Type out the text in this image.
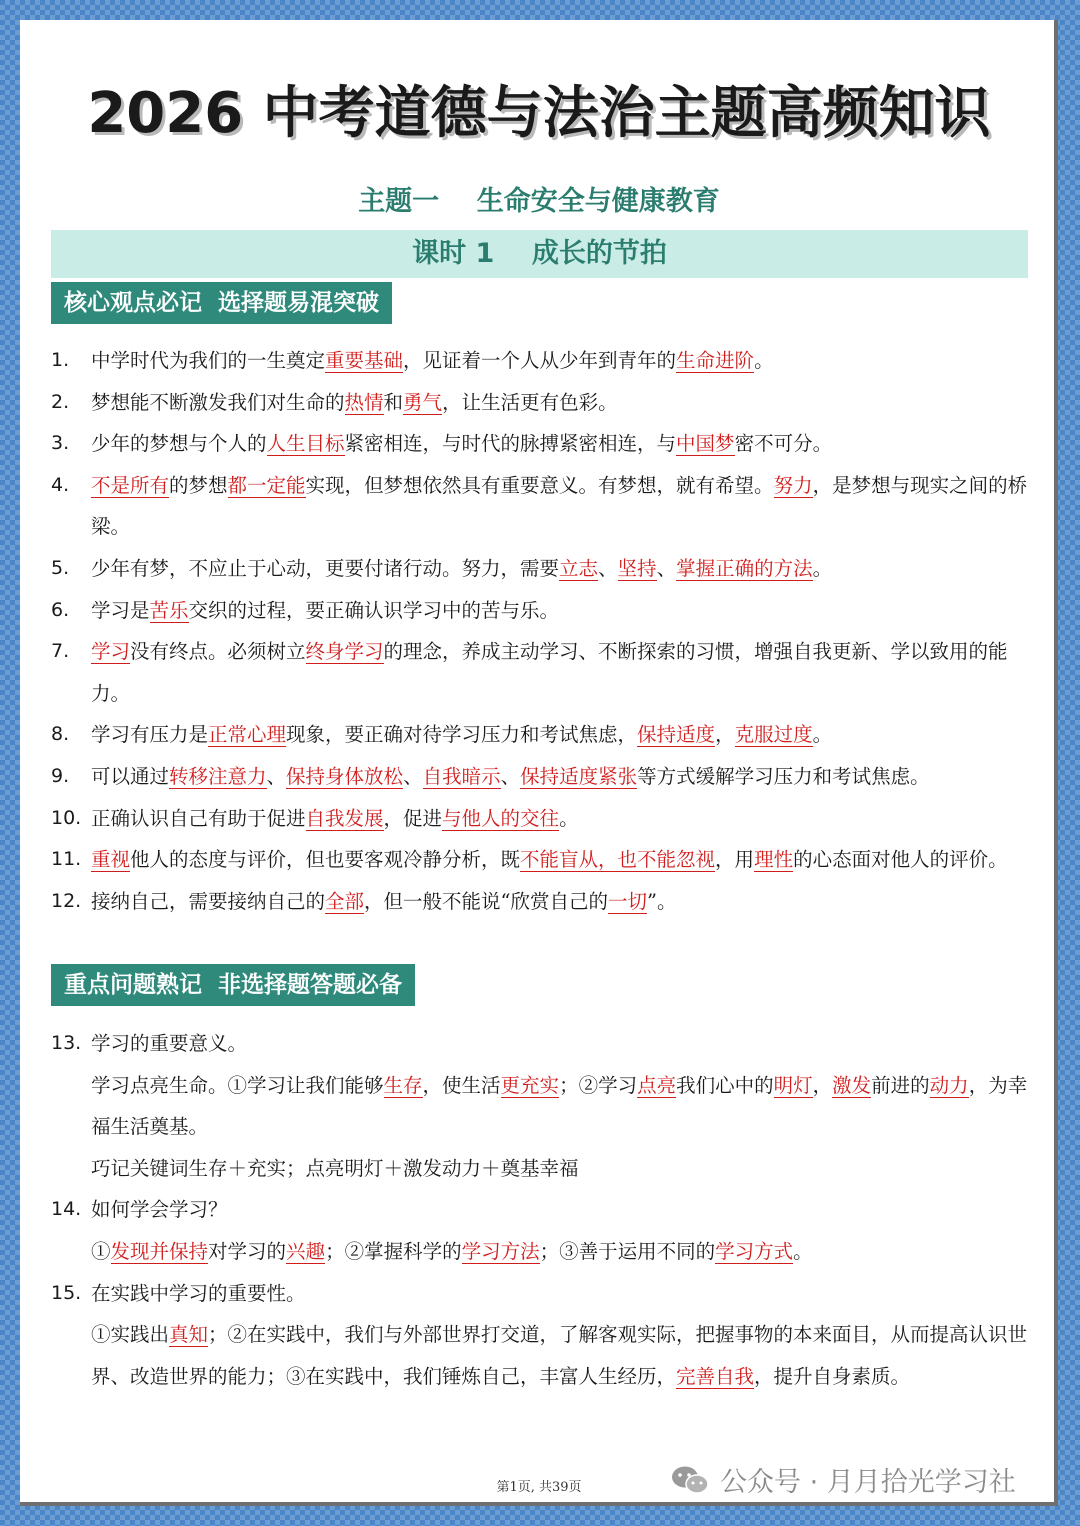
2026 中考道德与法治主题高频知识
主题一    生命安全与健康教育
课时 1    成长的节拍
核心观点必记  选择题易混突破
1.	中学时代为我们的一生奠定重要基础，见证着一个人从少年到青年的生命进阶。
2.	梦想能不断激发我们对生命的热情和勇气，让生活更有色彩。
3.	少年的梦想与个人的人生目标紧密相连，与时代的脉搏紧密相连，与中国梦密不可分。
4.	不是所有的梦想都一定能实现，但梦想依然具有重要意义。有梦想，就有希望。努力，是梦想与现实之间的桥梁。
5.	少年有梦，不应止于心动，更要付诸行动。努力，需要立志、坚持、掌握正确的方法。
6.	学习是苦乐交织的过程，要正确认识学习中的苦与乐。
7.	学习没有终点。必须树立终身学习的理念，养成主动学习、不断探索的习惯，增强自我更新、学以致用的能力。
8.	学习有压力是正常心理现象，要正确对待学习压力和考试焦虑，保持适度，克服过度。
9.	可以通过转移注意力、保持身体放松、自我暗示、保持适度紧张等方式缓解学习压力和考试焦虑。
10. 正确认识自己有助于促进自我发展，促进与他人的交往。
11. 重视他人的态度与评价，但也要客观冷静分析，既不能盲从，也不能忽视，用理性的心态面对他人的评价。
12. 接纳自己，需要接纳自己的全部，但一般不能说“欣赏自己的一切”。
重点问题熟记  非选择题答题必备
13. 学习的重要意义。
学习点亮生命。①学习让我们能够生存，使生活更充实；②学习点亮我们心中的明灯，激发前进的动力，为幸福生活奠基。
巧记关键词生存＋充实；点亮明灯＋激发动力＋奠基幸福
14. 如何学会学习？
①发现并保持对学习的兴趣；②掌握科学的学习方法；③善于运用不同的学习方式。
15. 在实践中学习的重要性。
①实践出真知；②在实践中，我们与外部世界打交道，了解客观实际，把握事物的本来面目，从而提高认识世界、改造世界的能力；③在实践中，我们锤炼自己，丰富人生经历，完善自我，提升自身素质。
第1页, 共39页	公众号 · 月月拾光学习社
